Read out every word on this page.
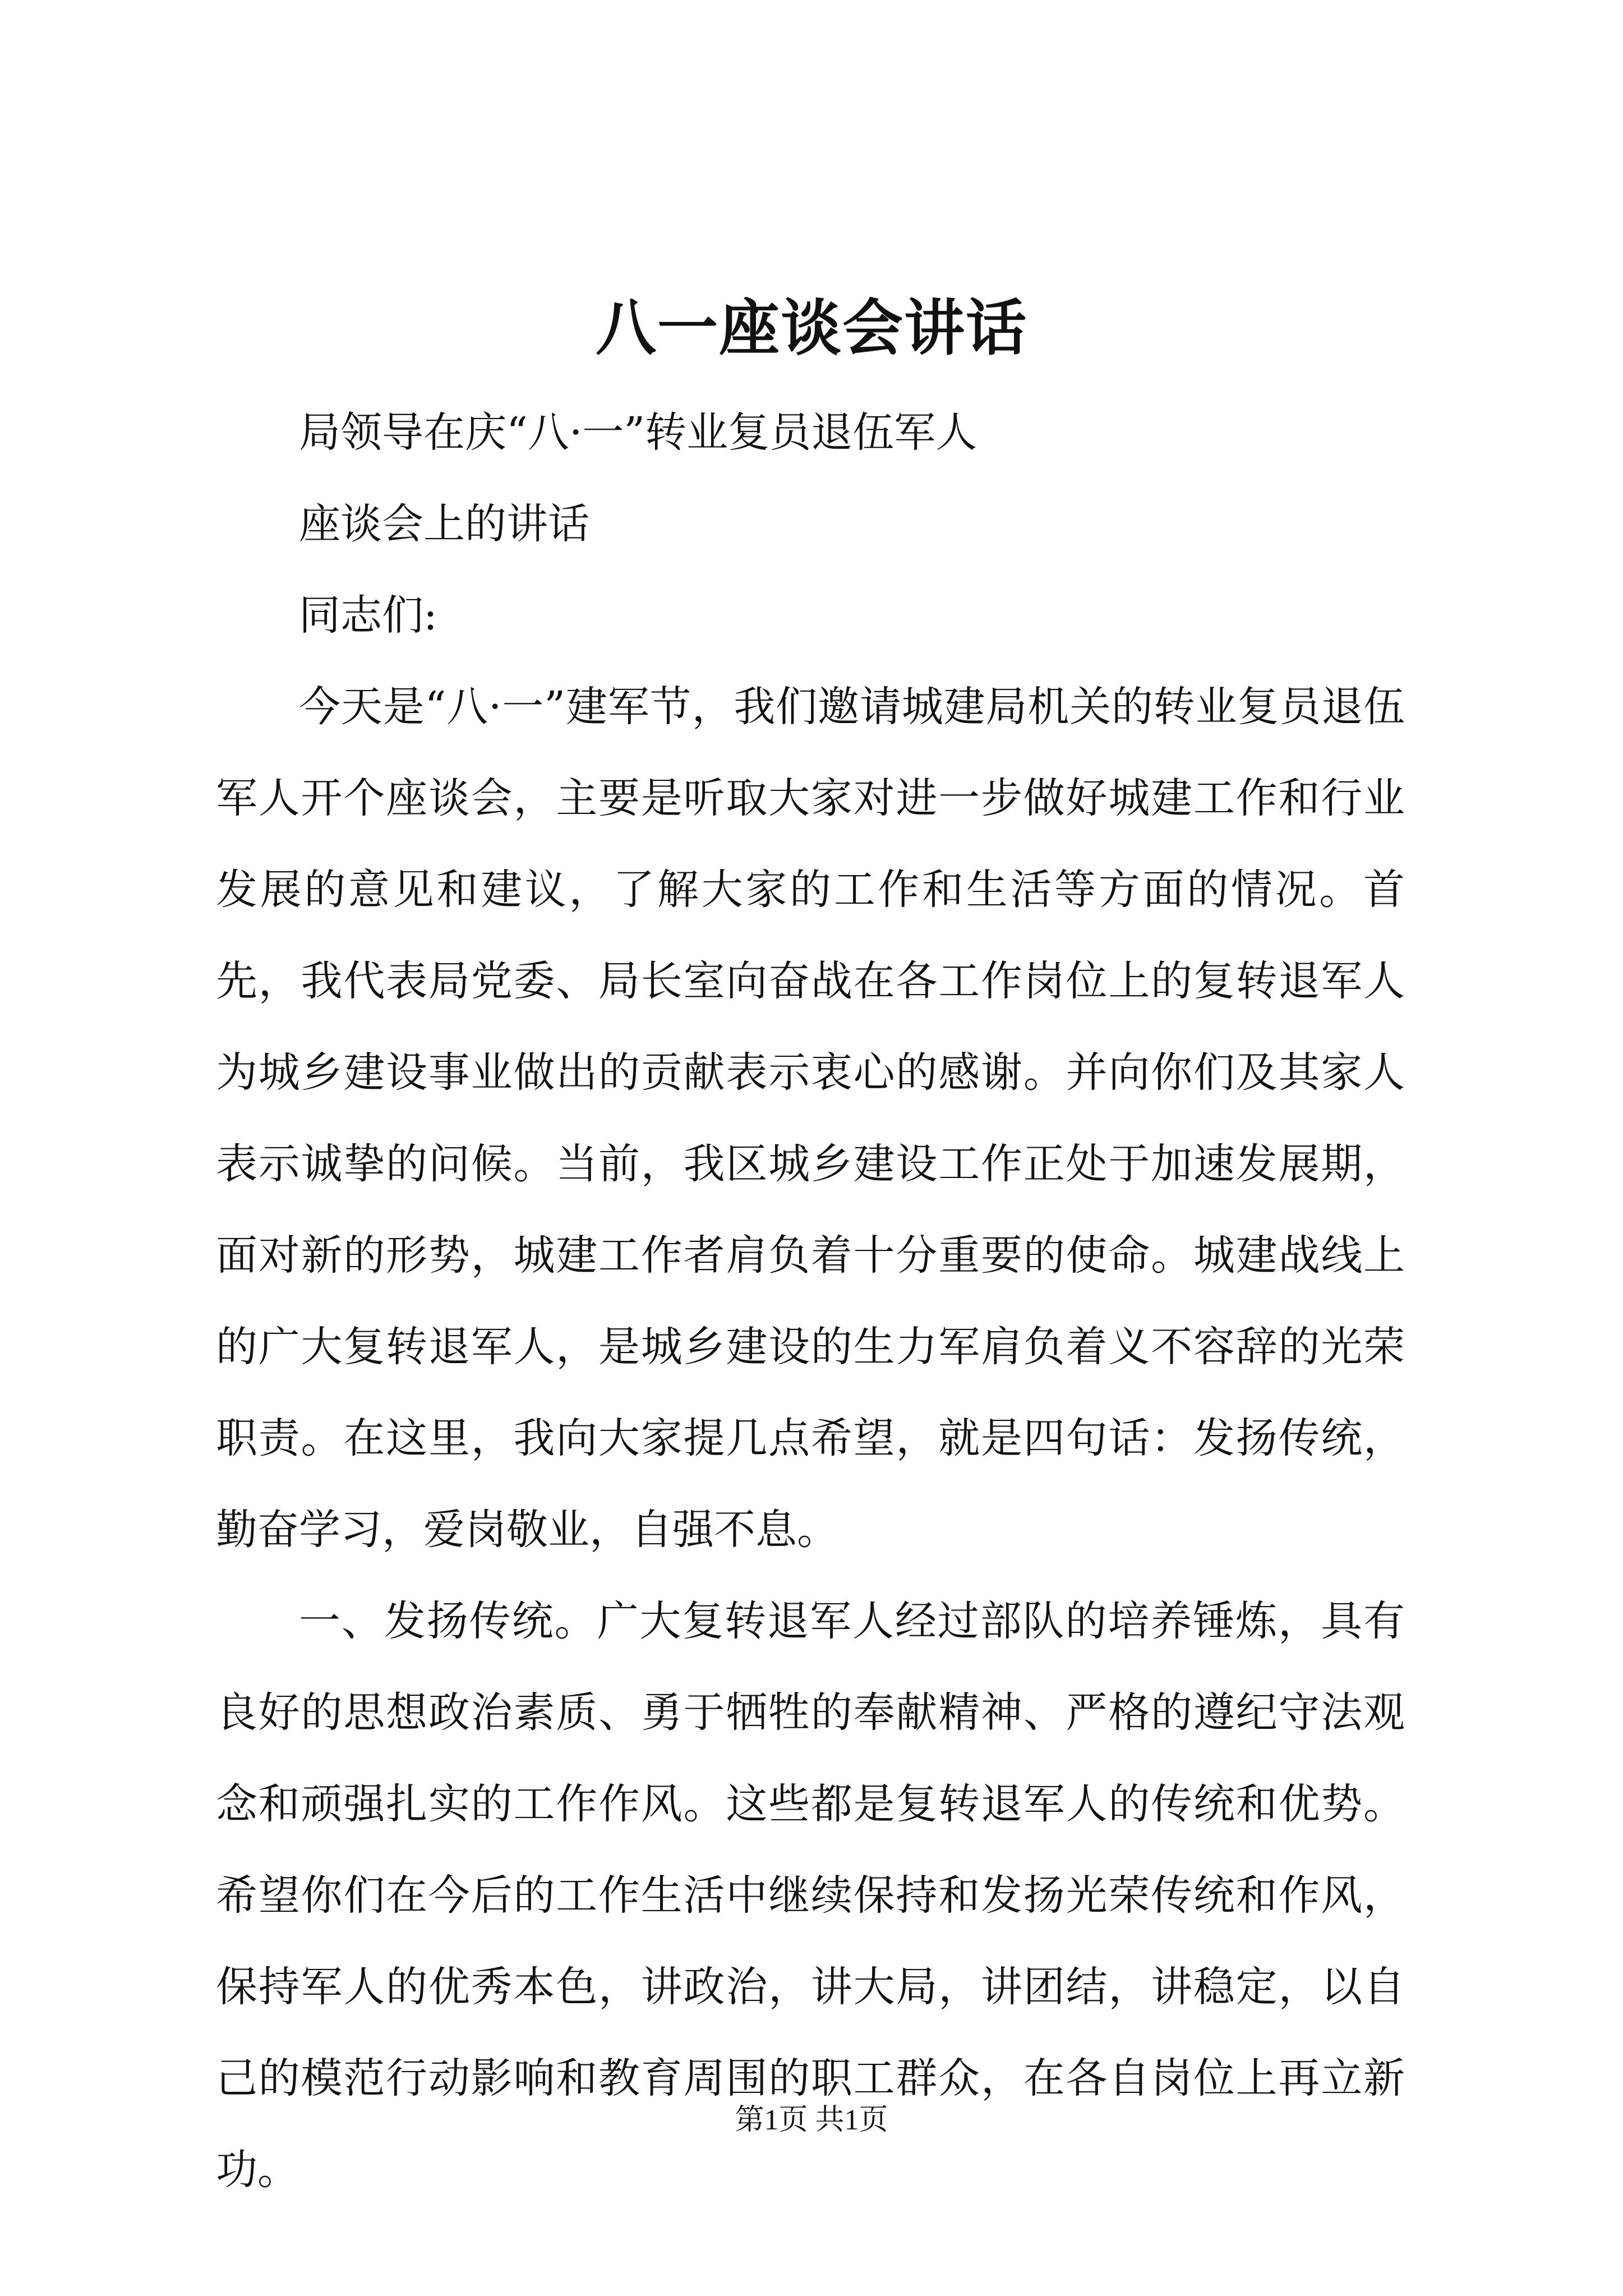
八一座谈会讲话

局领导在庆“八·一”转业复员退伍军人

座谈会上的讲话

同志们:

今天是“八·一”建军节，我们邀请城建局机关的转业复员退伍军人开个座谈会，主要是听取大家对进一步做好城建工作和行业发展的意见和建议，了解大家的工作和生活等方面的情况。首先，我代表局党委、局长室向奋战在各工作岗位上的复转退军人为城乡建设事业做出的贡献表示衷心的感谢。并向你们及其家人表示诚挚的问候。当前，我区城乡建设工作正处于加速发展期，面对新的形势，城建工作者肩负着十分重要的使命。城建战线上的广大复转退军人，是城乡建设的生力军肩负着义不容辞的光荣职责。在这里，我向大家提几点希望，就是四句话：发扬传统，勤奋学习，爱岗敬业，自强不息。

一、发扬传统。广大复转退军人经过部队的培养锤炼，具有良好的思想政治素质、勇于牺牲的奉献精神、严格的遵纪守法观念和顽强扎实的工作作风。这些都是复转退军人的传统和优势。希望你们在今后的工作生活中继续保持和发扬光荣传统和作风，保持军人的优秀本色，讲政治，讲大局，讲团结，讲稳定，以自己的模范行动影响和教育周围的职工群众，在各自岗位上再立新功。

第1页 共1页
